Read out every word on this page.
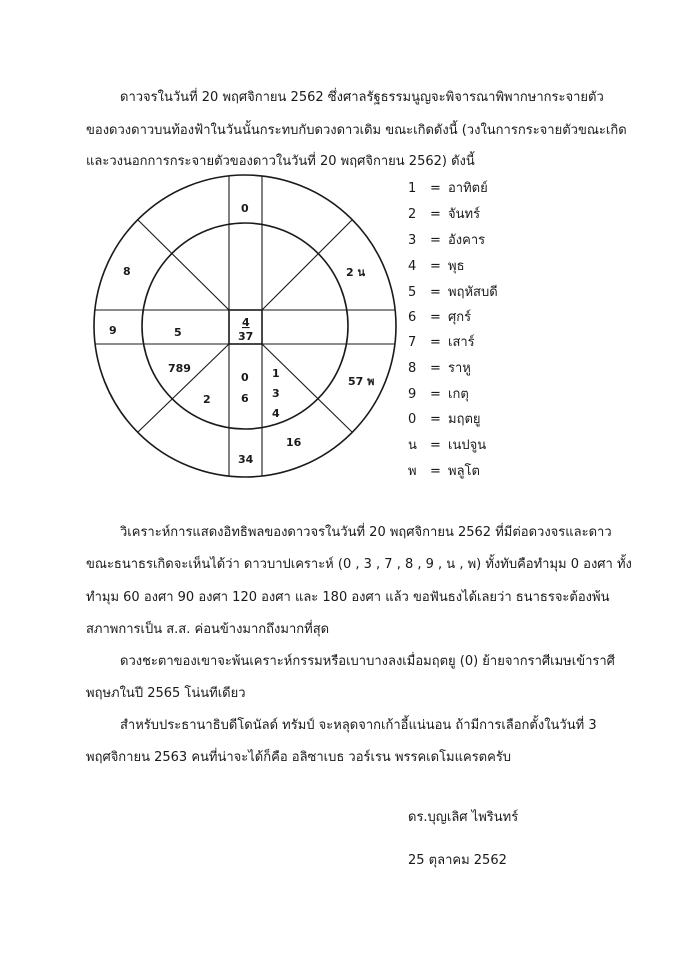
ดาวจรในวันที่ 20 พฤศจิกายน 2562 ซึ่งศาลรัฐธรรมนูญจะพิจารณาพิพากษากระจายตัว
ของดวงดาวบนท้องฟ้าในวันนั้นกระทบกับดวงดาวเดิม ขณะเกิดดังนี้ (วงในการกระจายตัวขณะเกิด
และวงนอกการกระจายตัวของดาวในวันที่ 20 พฤศจิกายน 2562) ดังนี้
0
8	2 น
9
57 พ
16
34
5
789
2
0
6
1
3
4
4
37
1 = อาทิตย์
2 = จันทร์
3 = อังคาร
4 = พุธ
5 = พฤหัสบดี
6 = ศุกร์
7 = เสาร์
8 = ราหู
9 = เกตุ
0 = มฤตยู
น = เนปจูน
พ = พลูโต
วิเคราะห์การแสดงอิทธิพลของดาวจรในวันที่ 20 พฤศจิกายน 2562 ที่มีต่อดวงจรและดาว
ขณะธนาธรเกิดจะเห็นได้ว่า ดาวบาปเคราะห์ (0 , 3 , 7 , 8 , 9 , น , พ) ทั้งทับคือทำมุม 0 องศา ทั้ง
ทำมุม 60 องศา 90 องศา 120 องศา และ 180 องศา แล้ว ขอฟันธงได้เลยว่า ธนาธรจะต้องพ้น
สภาพการเป็น ส.ส. ค่อนข้างมากถึงมากที่สุด
ดวงชะตาของเขาจะพ้นเคราะห์กรรมหรือเบาบางลงเมื่อมฤตยู (0) ย้ายจากราศีเมษเข้าราศี
พฤษภในปี 2565 โน่นทีเดียว
สำหรับประธานาธิบดีโดนัลด์ ทรัมป์ จะหลุดจากเก้าอี้แน่นอน ถ้ามีการเลือกตั้งในวันที่ 3
พฤศจิกายน 2563 คนที่น่าจะได้ก็คือ อลิซาเบธ วอร์เรน พรรคเดโมแครตครับ
ดร.บุญเลิศ ไพรินทร์
25 ตุลาคม 2562
